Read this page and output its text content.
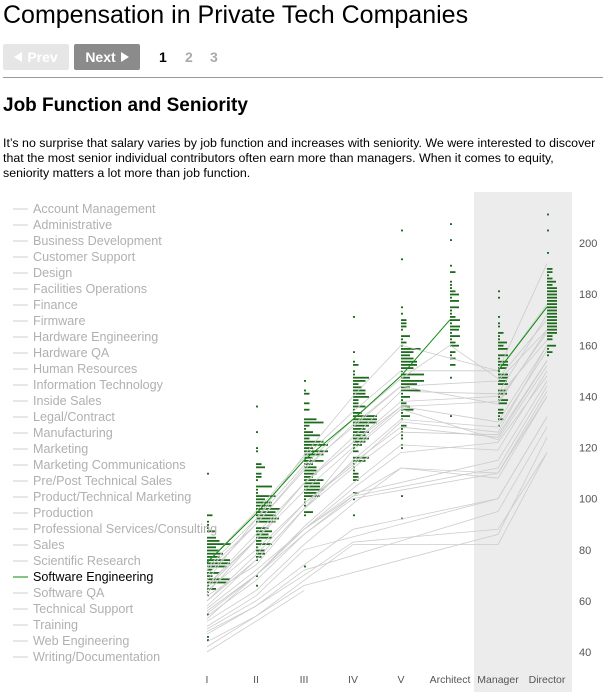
Compensation in Private Tech Companies
Prev	Next	1 2 3
Job Function and Seniority
It’s no surprise that salary varies by job function and increases with seniority. We were interested to discover that the most senior individual contributors often earn more than managers. When it comes to equity, seniority matters a lot more than job function.
Account Management
Administrative
Business Development
Customer Support
Design
Facilities Operations
Finance
Firmware
Hardware Engineering
Hardware QA
Human Resources
Information Technology
Inside Sales
Legal/Contract
Manufacturing
Marketing
Marketing Communications
Pre/Post Technical Sales
Product/Technical Marketing
Production
Professional Services/Consulting
Sales
Scientific Research
Software Engineering
Software QA
Technical Support
Training
Web Engineering
Writing/Documentation	40
60
80
100
120
140
160
180
200
I	II	III	IV	V Architect Manager Director
